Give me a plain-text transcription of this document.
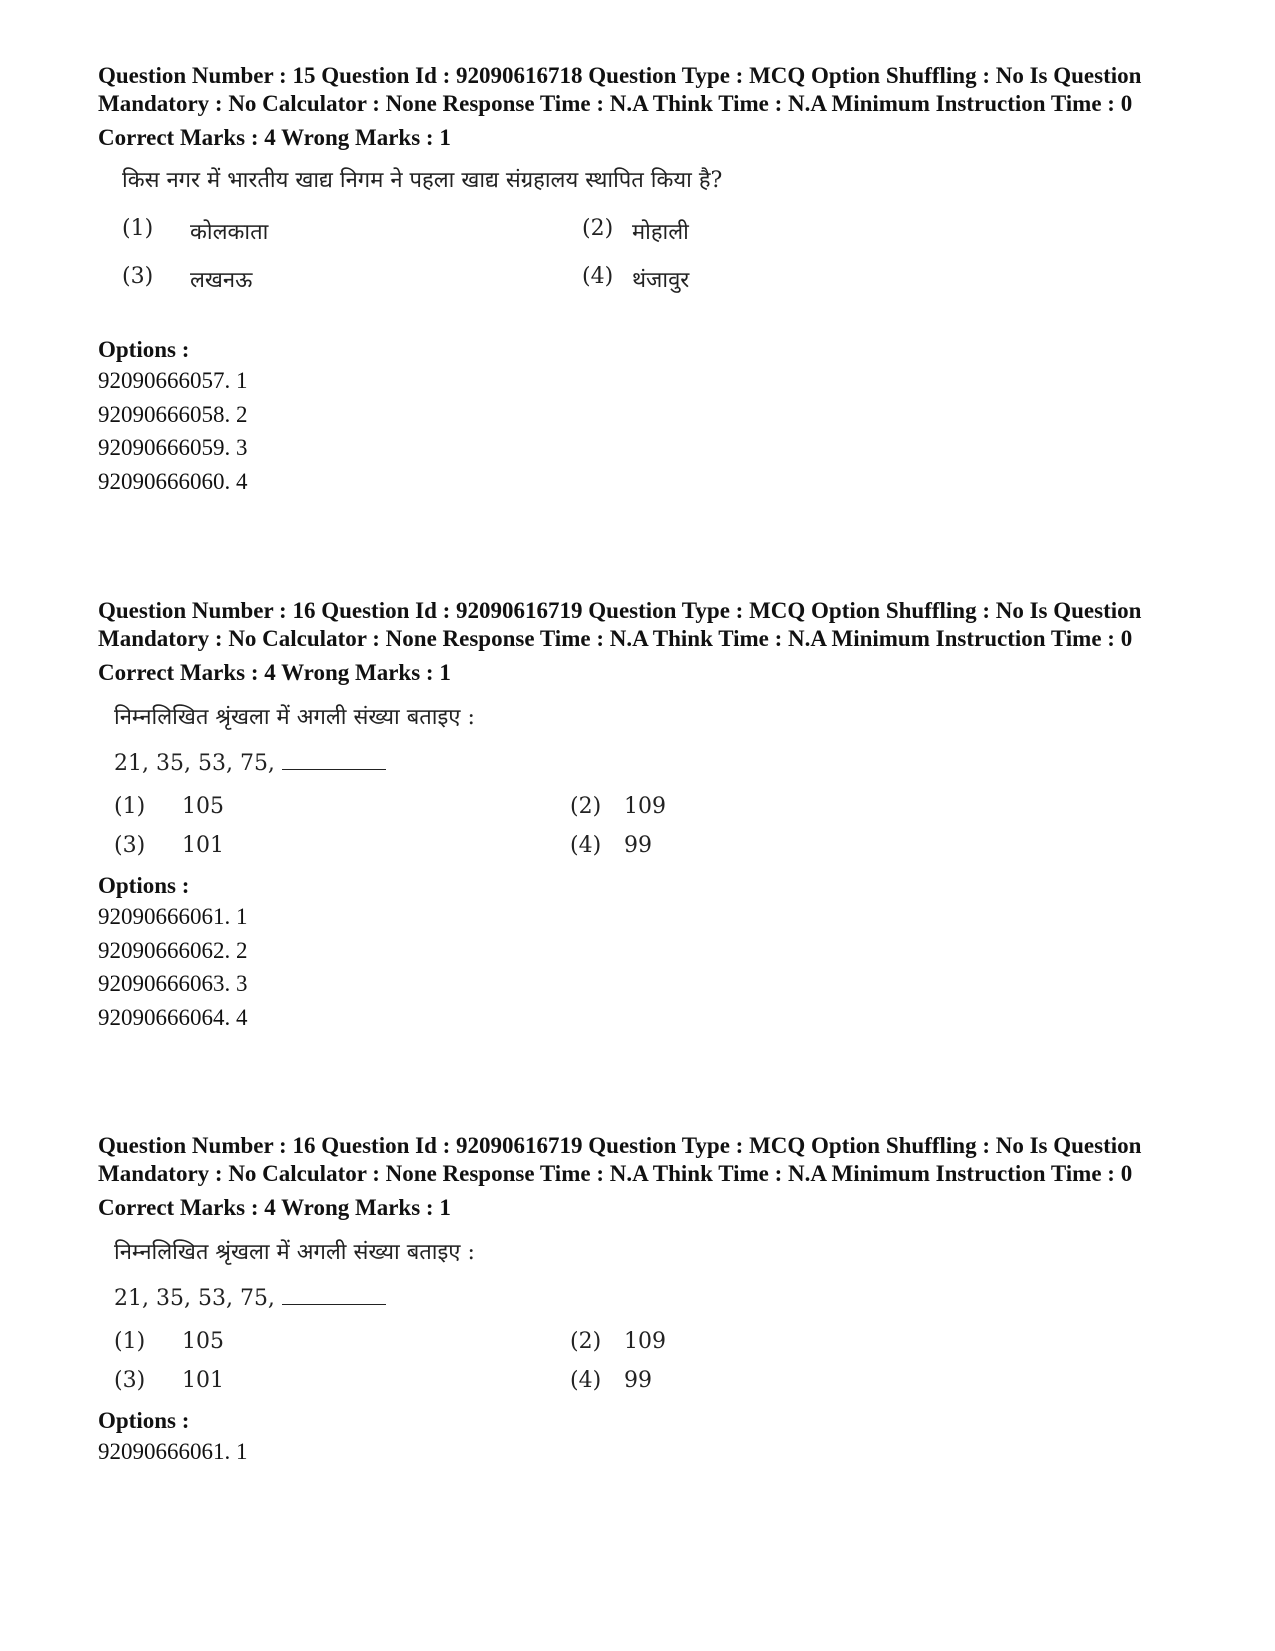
Question Number : 15 Question Id : 92090616718 Question Type : MCQ Option Shuffling : No Is Question Mandatory : No Calculator : None Response Time : N.A Think Time : N.A Minimum Instruction Time : 0

Correct Marks : 4 Wrong Marks : 1
किस नगर में भारतीय खाद्य निगम ने पहला खाद्य संग्रहालय स्थापित किया है?
(1)	कोलकाता	(2) मोहाली
(3)	लखनऊ	(4) थंजावुर
Options :
92090666057. 1
92090666058. 2
92090666059. 3
92090666060. 4

Question Number : 16 Question Id : 92090616719 Question Type : MCQ Option Shuffling : No Is Question Mandatory : No Calculator : None Response Time : N.A Think Time : N.A Minimum Instruction Time : 0

Correct Marks : 4 Wrong Marks : 1
निम्नलिखित श्रृंखला में अगली संख्या बताइए :
21, 35, 53, 75,
(1)	105	(2)	109
(3)	101	(4)	99
Options :
92090666061. 1
92090666062. 2
92090666063. 3
92090666064. 4

Question Number : 16 Question Id : 92090616719 Question Type : MCQ Option Shuffling : No Is Question Mandatory : No Calculator : None Response Time : N.A Think Time : N.A Minimum Instruction Time : 0

Correct Marks : 4 Wrong Marks : 1
निम्नलिखित श्रृंखला में अगली संख्या बताइए :
21, 35, 53, 75,
(1)	105	(2)	109
(3)	101	(4)	99
Options :
92090666061. 1
